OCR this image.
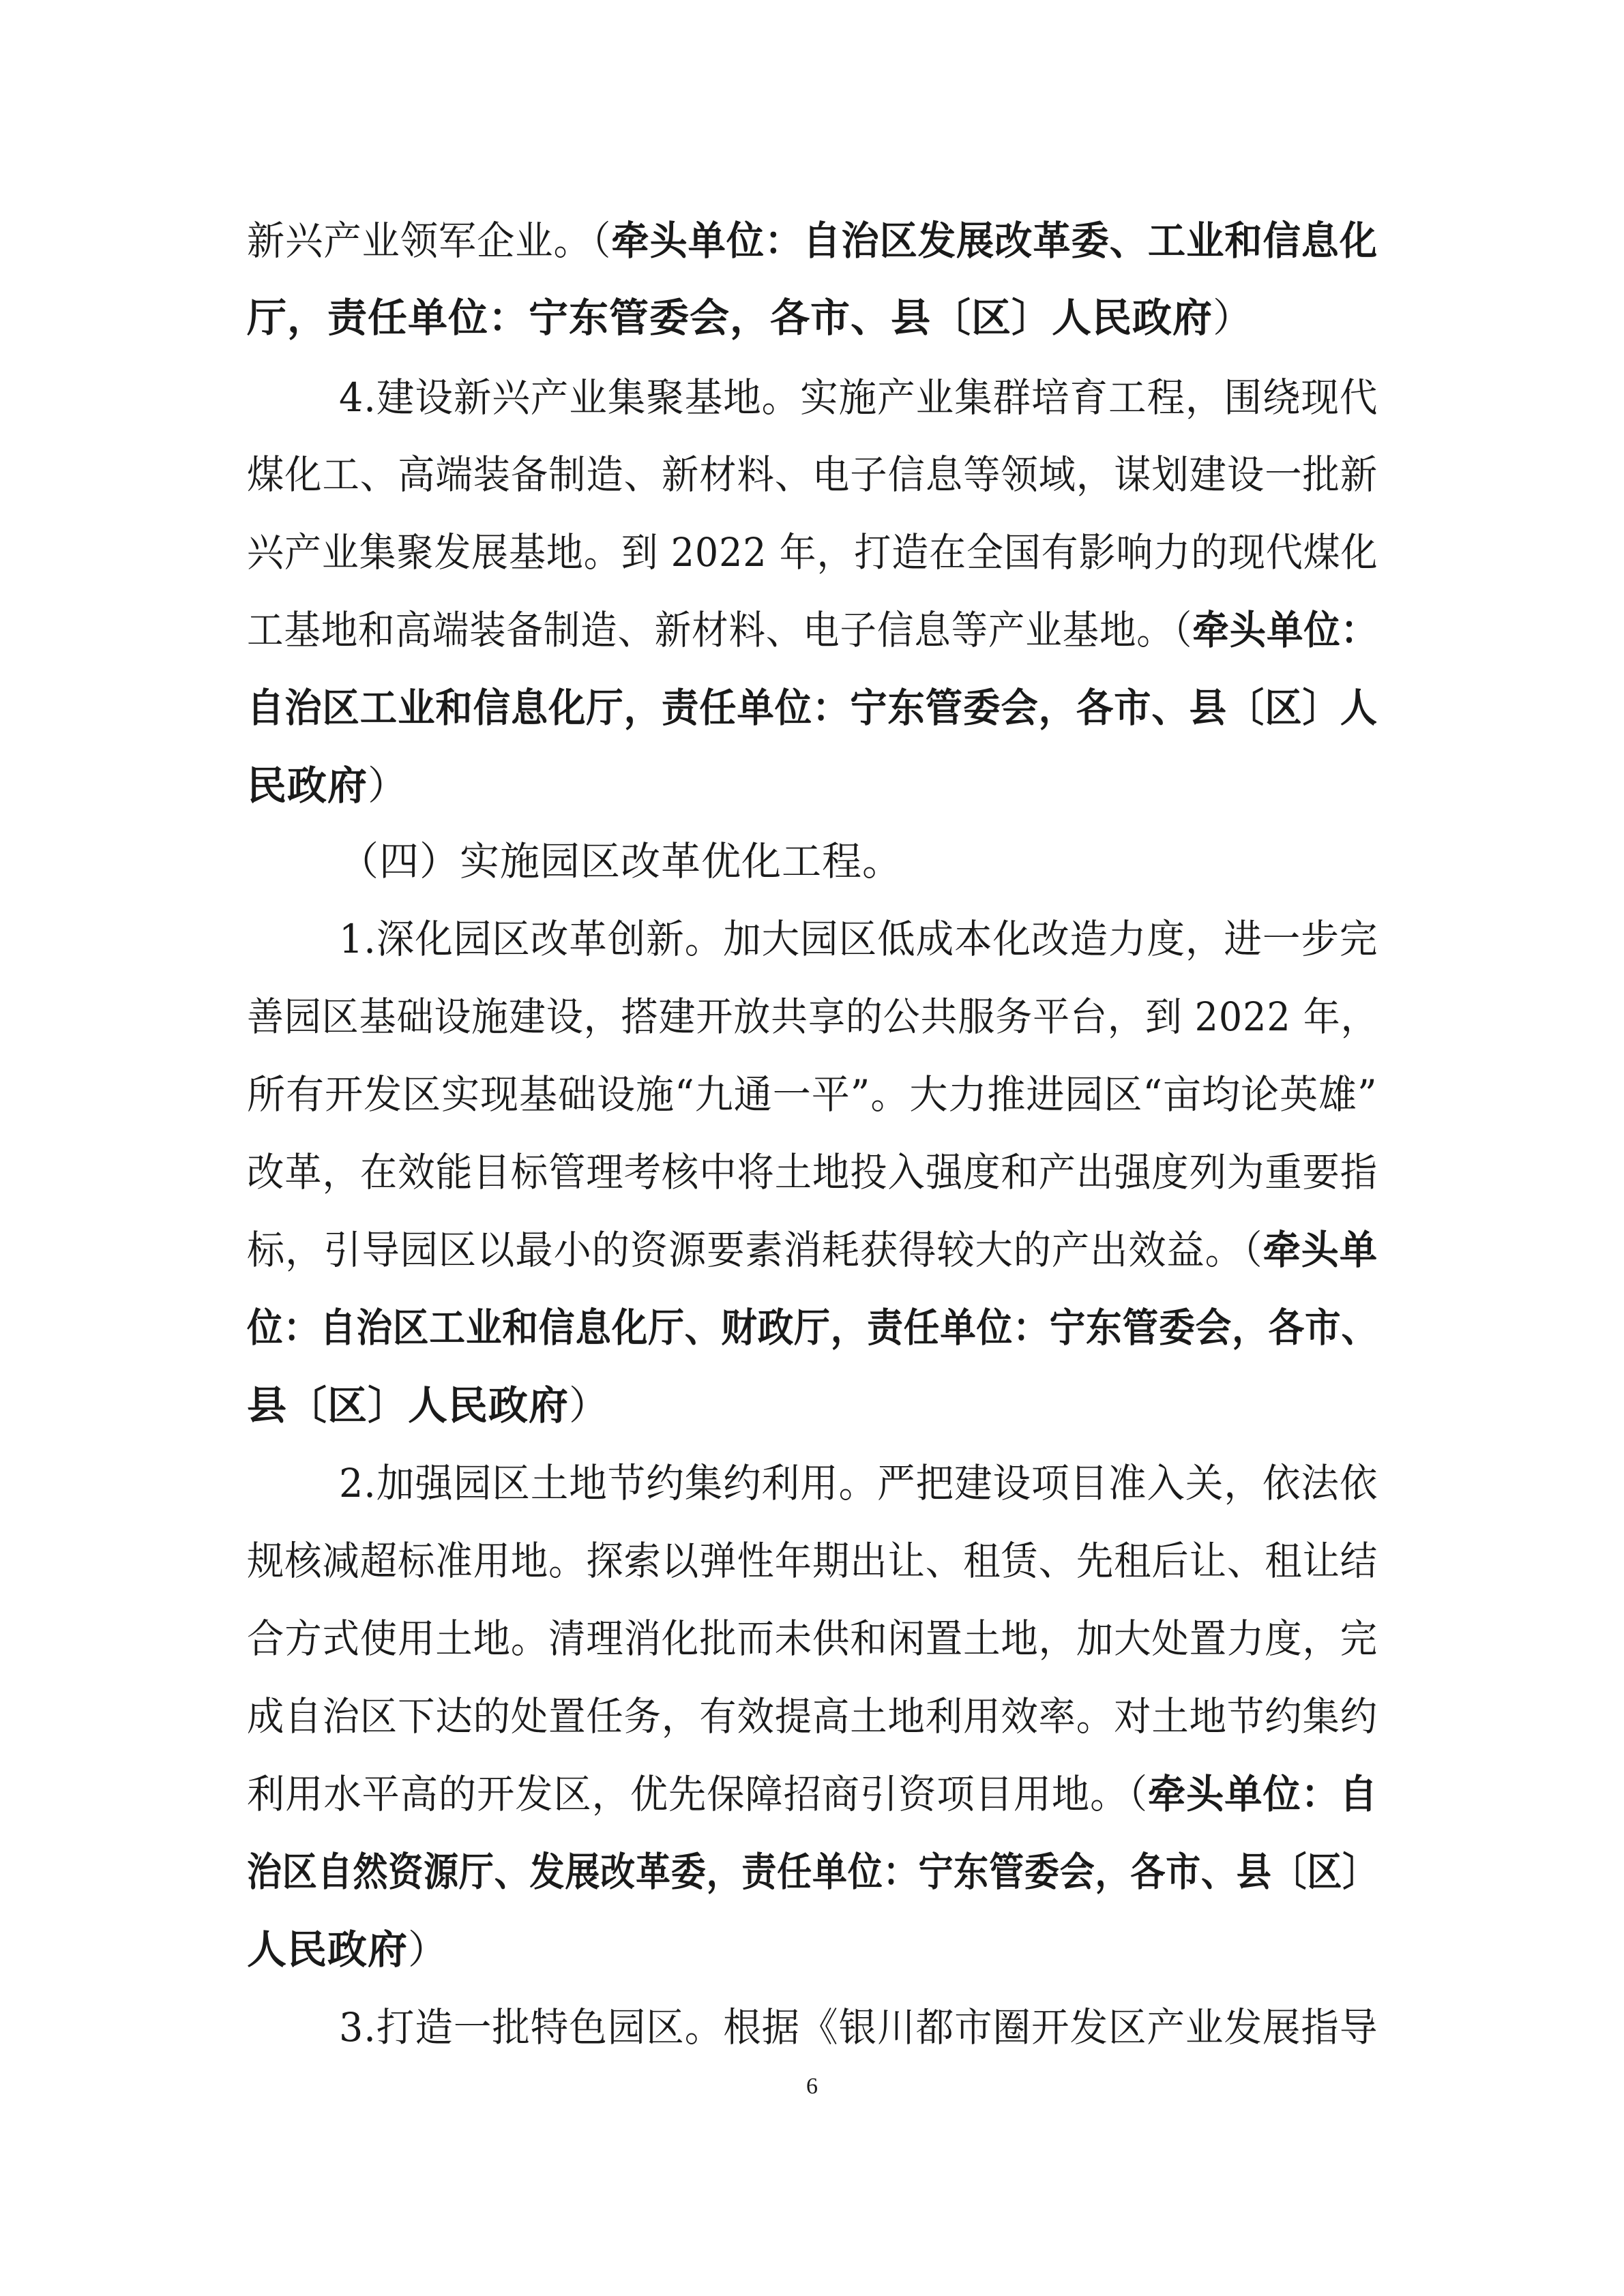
新兴产业领军企业。（牵头单位：自治区发展改革委、工业和信息化
厅，责任单位：宁东管委会，各市、县〔区〕人民政府）
4.建设新兴产业集聚基地。实施产业集群培育工程，围绕现代
煤化工、高端装备制造、新材料、电子信息等领域，谋划建设一批新
兴产业集聚发展基地。到 2022 年，打造在全国有影响力的现代煤化
工基地和高端装备制造、新材料、电子信息等产业基地。（牵头单位：
自治区工业和信息化厅，责任单位：宁东管委会，各市、县〔区〕人
民政府）
（四）实施园区改革优化工程。
1.深化园区改革创新。加大园区低成本化改造力度，进一步完
善园区基础设施建设，搭建开放共享的公共服务平台，到 2022 年，
所有开发区实现基础设施“九通一平”。大力推进园区“亩均论英雄”
改革，在效能目标管理考核中将土地投入强度和产出强度列为重要指
标，引导园区以最小的资源要素消耗获得较大的产出效益。（牵头单
位：自治区工业和信息化厅、财政厅，责任单位：宁东管委会，各市、
县〔区〕人民政府）
2.加强园区土地节约集约利用。严把建设项目准入关，依法依
规核减超标准用地。探索以弹性年期出让、租赁、先租后让、租让结
合方式使用土地。清理消化批而未供和闲置土地，加大处置力度，完
成自治区下达的处置任务，有效提高土地利用效率。对土地节约集约
利用水平高的开发区，优先保障招商引资项目用地。（牵头单位：自
治区自然资源厅、发展改革委，责任单位：宁东管委会，各市、县〔区〕
人民政府）
3.打造一批特色园区。根据《银川都市圈开发区产业发展指导
6
